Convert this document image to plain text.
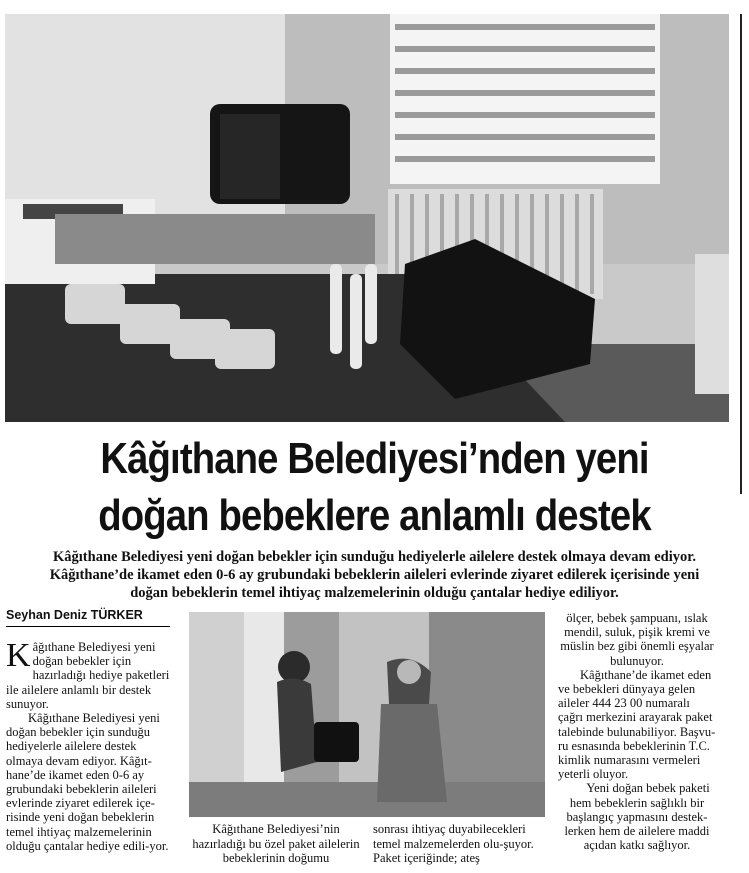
Kâğıthane Belediyesi’nden yeni
doğan bebeklere anlamlı destek
Kâğıthane Belediyesi yeni doğan bebekler için sunduğu hediyelerle ailelere destek olmaya devam ediyor.
Kâğıthane’de ikamet eden 0-6 ay grubundaki bebeklerin aileleri evlerinde ziyaret edilerek içerisinde yeni
doğan bebeklerin temel ihtiyaç malzemelerinin olduğu çantalar hediye ediliyor.
Seyhan Deniz TÜRKER

Kâğıthane Belediyesi yeni doğan bebekler için hazırladığı hediye paketleri ile ailelere anlamlı bir destek sunuyor.

Kâğıthane Belediyesi yeni doğan bebekler için sunduğu hediyelerle ailelere destek olmaya devam ediyor. Kâğıt-hane’de ikamet eden 0-6 ay grubundaki bebeklerin aileleri evlerinde ziyaret edilerek içe-risinde yeni doğan bebeklerin temel ihtiyaç malzemelerinin olduğu çantalar hediye edili-yor.

Kâğıthane Belediyesi’nin hazırladığı bu özel paket ailelerin bebeklerinin doğumu
sonrası ihtiyaç duyabilecekleri temel malzemelerden olu-şuyor. Paket içeriğinde; ateş

ölçer, bebek şampuanı, ıslak mendil, suluk, pişik kremi ve müslin bez gibi önemli eşyalar bulunuyor.

Kâğıthane’de ikamet eden ve bebekleri dünyaya gelen aileler 444 23 00 numaralı çağrı merkezini arayarak paket talebinde bulunabiliyor. Başvu-ru esnasında bebeklerinin T.C. kimlik numarasını vermeleri yeterli oluyor.

Yeni doğan bebek paketi hem bebeklerin sağlıklı bir başlangıç yapmasını destek-lerken hem de ailelere maddi açıdan katkı sağlıyor.
